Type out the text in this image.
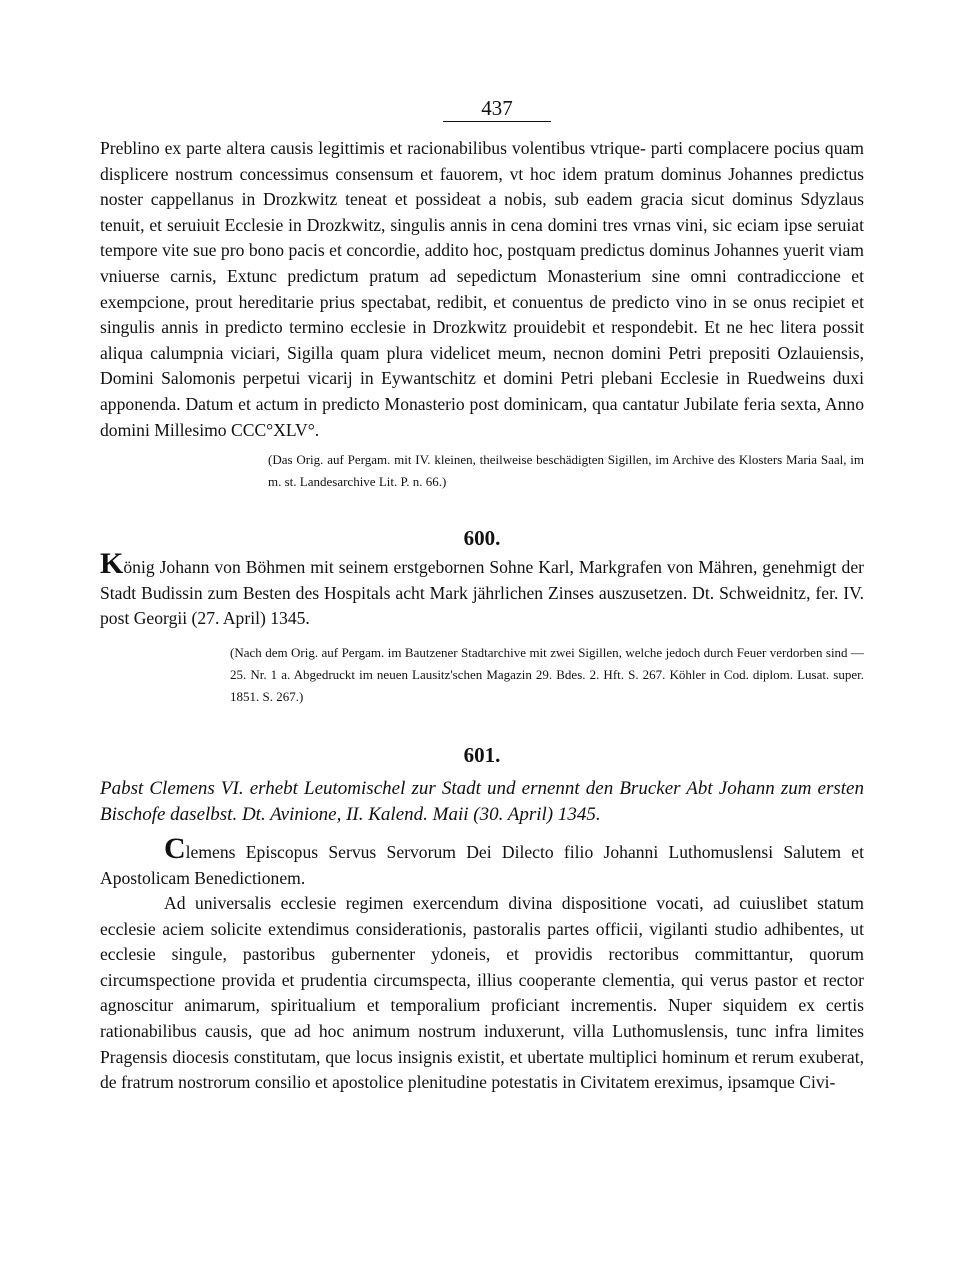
437

Preblino ex parte altera causis legittimis et racionabilibus volentibus vtrique- parti complacere pocius quam displicere nostrum concessimus consensum et fauorem, vt hoc idem pratum dominus Johannes predictus noster cappellanus in Drozkwitz teneat et possideat a nobis, sub eadem gracia sicut dominus Sdyzlaus tenuit, et seruiuit Ecclesie in Drozkwitz, singulis annis in cena domini tres vrnas vini, sic eciam ipse seruiat tempore vite sue pro bono pacis et concordie, addito hoc, postquam predictus dominus Johannes yuerit viam vniuerse carnis, Extunc predictum pratum ad sepedictum Monasterium sine omni contradiccione et exempcione, prout hereditarie prius spectabat, redibit, et conuentus de predicto vino in se onus recipiet et singulis annis in predicto termino ecclesie in Drozkwitz prouidebit et respondebit. Et ne hec litera possit aliqua calumpnia viciari, Sigilla quam plura videlicet meum, necnon domini Petri prepositi Ozlauiensis, Domini Salomonis perpetui vicarij in Eywantschitz et domini Petri plebani Ecclesie in Ruedweins duxi apponenda. Datum et actum in predicto Monasterio post dominicam, qua cantatur Jubilate feria sexta, Anno domini Millesimo CCC°XLV°.

(Das Orig. auf Pergam. mit IV. kleinen, theilweise beschädigten Sigillen, im Archive des Klosters Maria Saal, im m. st. Landesarchive Lit. P. n. 66.)

600.

König Johann von Böhmen mit seinem erstgebornen Sohne Karl, Markgrafen von Mähren, genehmigt der Stadt Budissin zum Besten des Hospitals acht Mark jährlichen Zinses auszusetzen. Dt. Schweidnitz, fer. IV. post Georgii (27. April) 1345.

(Nach dem Orig. auf Pergam. im Bautzener Stadtarchive mit zwei Sigillen, welche jedoch durch Feuer verdorben sind — 25. Nr. 1 a. Abgedruckt im neuen Lausitz'schen Magazin 29. Bdes. 2. Hft. S. 267. Köhler in Cod. diplom. Lusat. super. 1851. S. 267.)

601.

Pabst Clemens VI. erhebt Leutomischel zur Stadt und ernennt den Brucker Abt Johann zum ersten Bischofe daselbst. Dt. Avinione, II. Kalend. Maii (30. April) 1345.

Clemens Episcopus Servus Servorum Dei Dilecto filio Johanni Luthomuslensi Salutem et Apostolicam Benedictionem.

Ad universalis ecclesie regimen exercendum divina dispositione vocati, ad cuiuslibet statum ecclesie aciem solicite extendimus considerationis, pastoralis partes officii, vigilanti studio adhibentes, ut ecclesie singule, pastoribus gubernenter ydoneis, et providis rectoribus committantur, quorum circumspectione provida et prudentia circumspecta, illius cooperante clementia, qui verus pastor et rector agnoscitur animarum, spiritualium et temporalium proficiant incrementis. Nuper siquidem ex certis rationabilibus causis, que ad hoc animum nostrum induxerunt, villa Luthomuslensis, tunc infra limites Pragensis diocesis constitutam, que locus insignis existit, et ubertate multiplici hominum et rerum exuberat, de fratrum nostrorum consilio et apostolice plenitudine potestatis in Civitatem ereximus, ipsamque Civi-
